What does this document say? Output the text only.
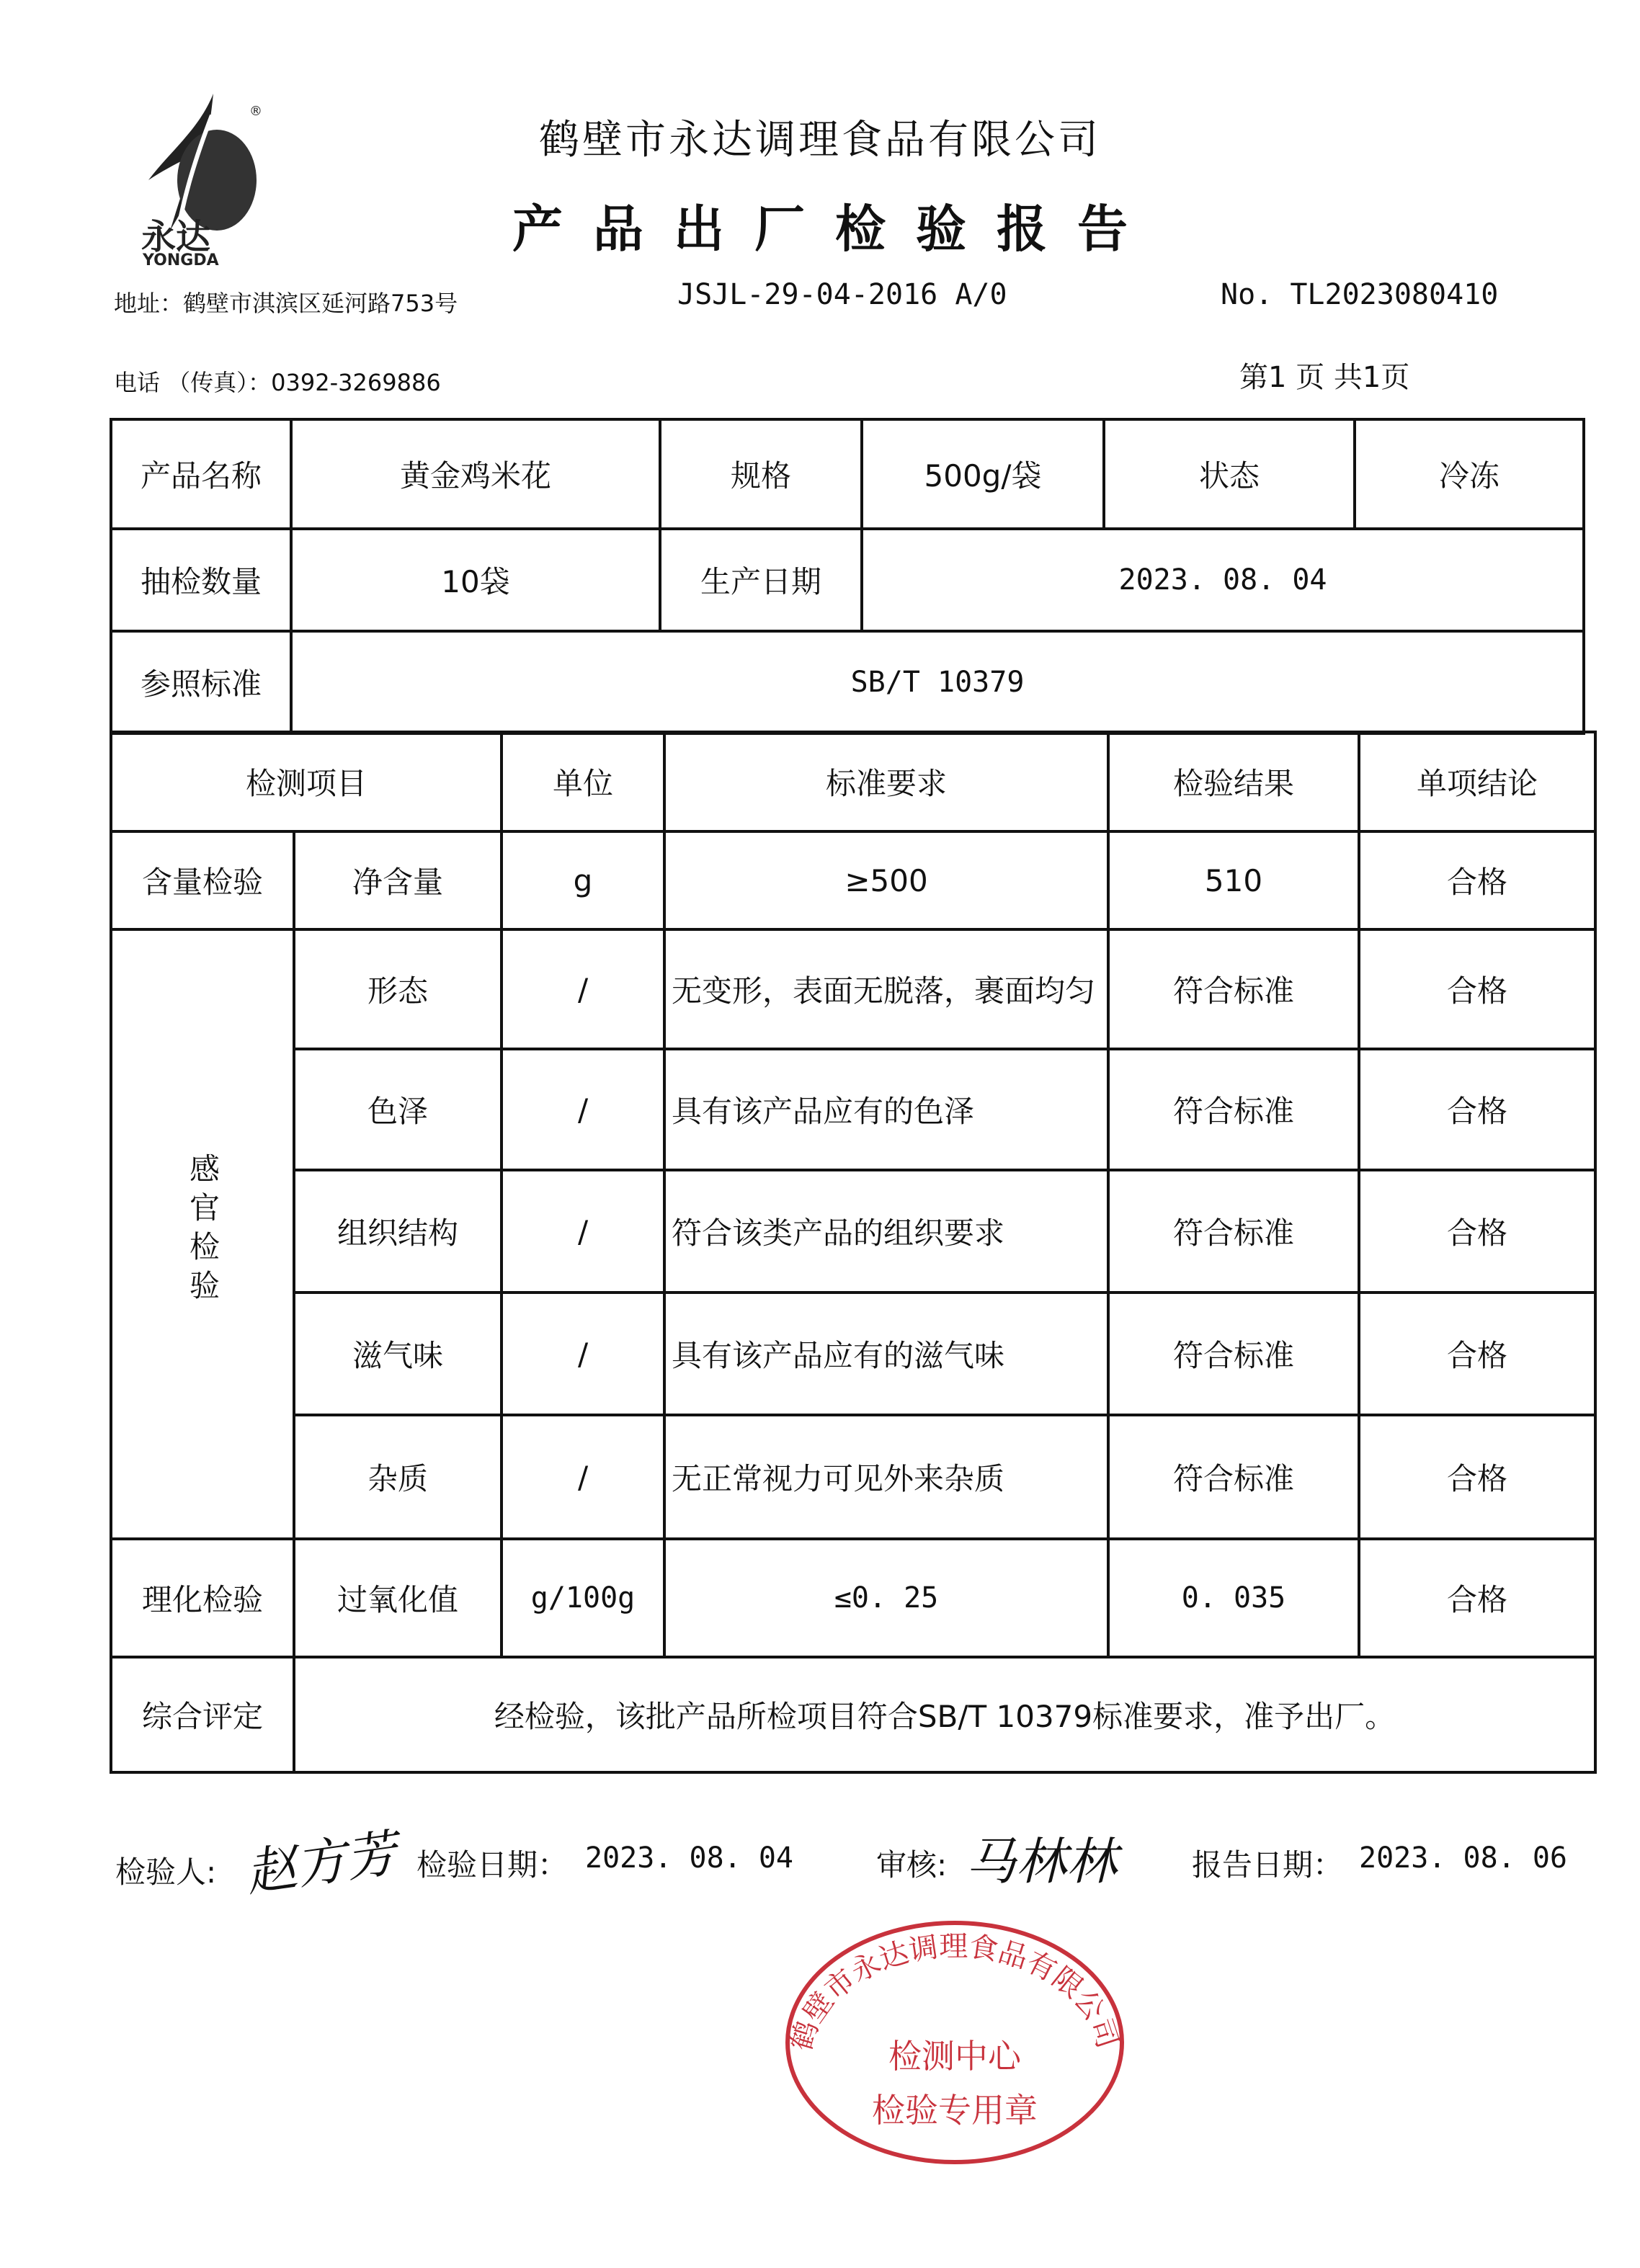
®
永达
YONGDA
鹤壁市永达调理食品有限公司
产品出厂检验报告
地址：鹤壁市淇滨区延河路753号	JSJL-29-04-2016 A/0	No. TL2023080410
电话 （传真）：0392-3269886	第1 页 共1页
产品名称	黄金鸡米花	规格	500g/袋	状态	冷冻
抽检数量	10袋	生产日期	2023. 08. 04		
参照标准	SB/T 10379				
检测项目		单位	标准要求	检验结果	单项结论
含量检验	净含量	g	≥500	510	合格
感官检验	形态	/	无变形，表面无脱落，裹面均匀	符合标准	合格
	色泽	/	具有该产品应有的色泽	符合标准	合格
	组织结构	/	符合该类产品的组织要求	符合标准	合格
	滋气味	/	具有该产品应有的滋气味	符合标准	合格
	杂质	/	无正常视力可见外来杂质	符合标准	合格
理化检验	过氧化值	g/100g	≤0. 25	0. 035	合格
综合评定	经检验，该批产品所检项目符合SB/T 10379标准要求，准予出厂。				
检验人: 赵方芳 检验日期： 2023. 08. 04	审核: 马林林 报告日期： 2023. 08. 06
鹤壁市永达调理食品有限公司
检测中心
检验专用章
